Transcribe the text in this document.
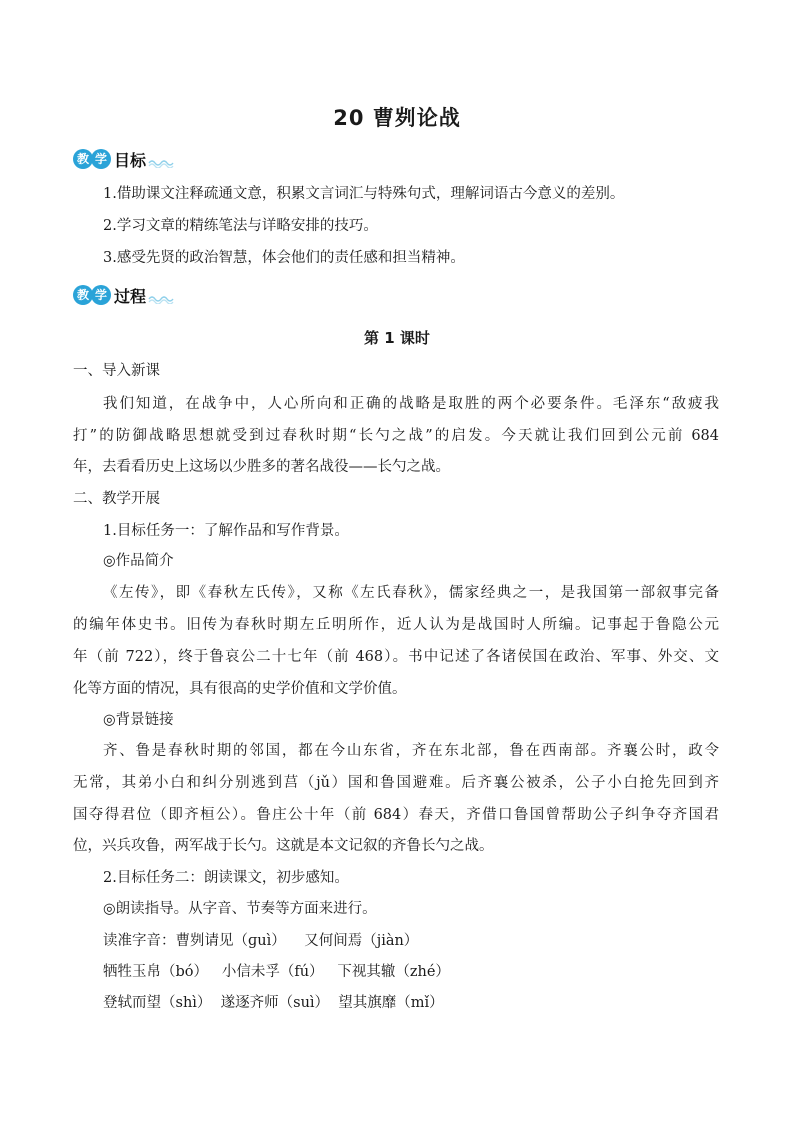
20 曹刿论战
教 学 目标
1.借助课文注释疏通文意，积累文言词汇与特殊句式，理解词语古今意义的差别。
2.学习文章的精练笔法与详略安排的技巧。
3.感受先贤的政治智慧，体会他们的责任感和担当精神。
教 学 过程
第 1 课时
一、导入新课
我们知道，在战争中，人心所向和正确的战略是取胜的两个必要条件。毛泽东“敌疲我
打”的防御战略思想就受到过春秋时期“长勺之战”的启发。今天就让我们回到公元前 684
年，去看看历史上这场以少胜多的著名战役——长勺之战。
二、教学开展
1.目标任务一：了解作品和写作背景。
◎作品简介
《左传》，即《春秋左氏传》，又称《左氏春秋》，儒家经典之一，是我国第一部叙事完备
的编年体史书。旧传为春秋时期左丘明所作，近人认为是战国时人所编。记事起于鲁隐公元
年（前 722），终于鲁哀公二十七年（前 468）。书中记述了各诸侯国在政治、军事、外交、文
化等方面的情况，具有很高的史学价值和文学价值。
◎背景链接
齐、鲁是春秋时期的邻国，都在今山东省，齐在东北部，鲁在西南部。齐襄公时，政令
无常，其弟小白和纠分别逃到莒（jǔ）国和鲁国避难。后齐襄公被杀，公子小白抢先回到齐
国夺得君位（即齐桓公）。鲁庄公十年（前 684）春天，齐借口鲁国曾帮助公子纠争夺齐国君
位，兴兵攻鲁，两军战于长勺。这就是本文记叙的齐鲁长勺之战。
2.目标任务二：朗读课文，初步感知。
◎朗读指导。从字音、节奏等方面来进行。
读准字音：曹刿请见（ɡuì）    又何间焉（jiàn）
牺牲玉帛（bó）   小信未孚（fú）   下视其辙（zhé）
登轼而望（shì）  遂逐齐师（suì）  望其旗靡（mǐ）
